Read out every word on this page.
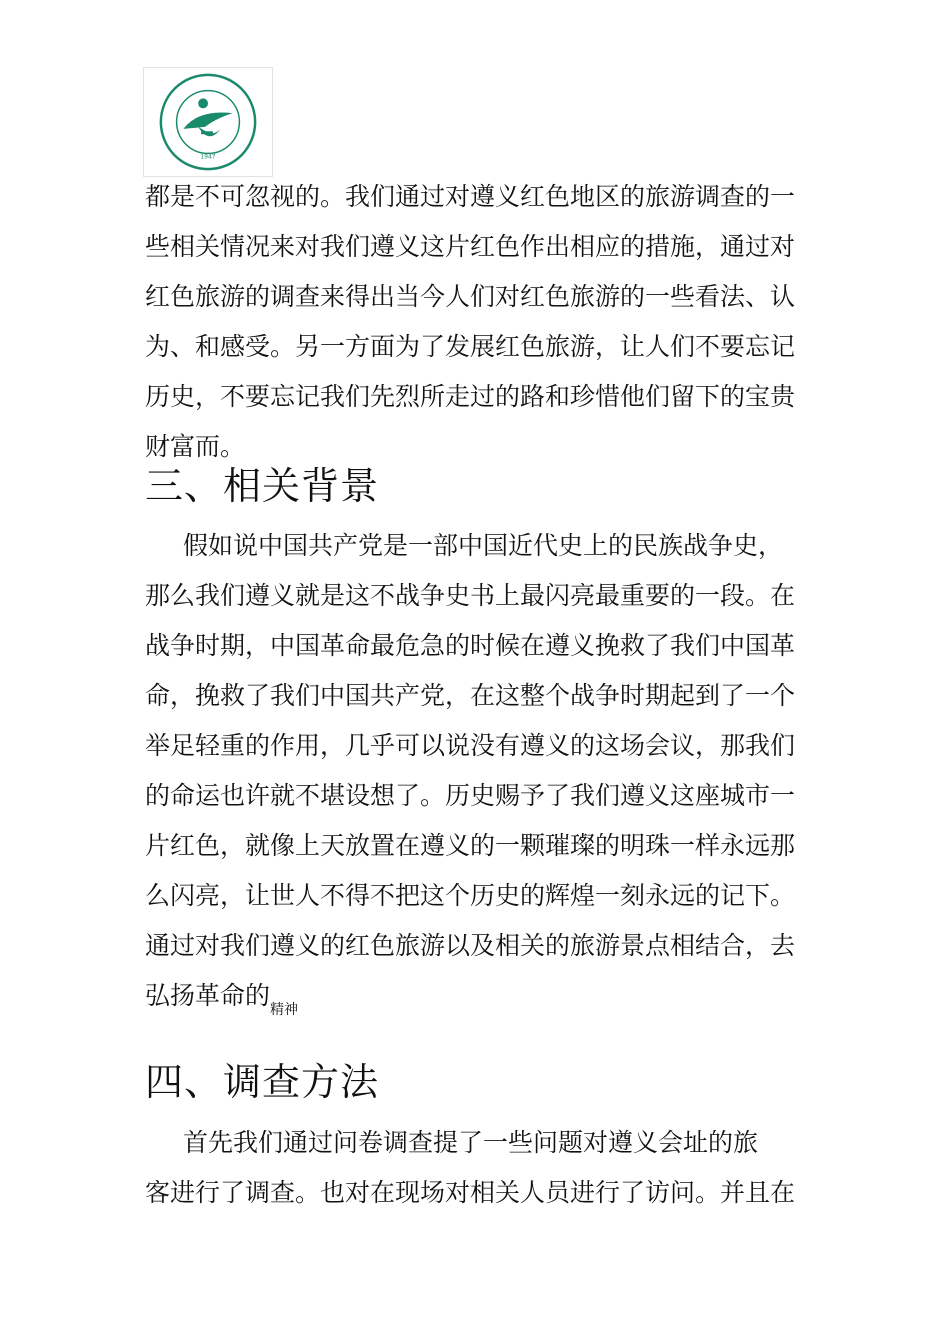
1947
都是不可忽视的。我们通过对遵义红色地区的旅游调查的一
些相关情况来对我们遵义这片红色作出相应的措施，通过对
红色旅游的调查来得出当今人们对红色旅游的一些看法、认
为、和感受。另一方面为了发展红色旅游，让人们不要忘记
历史，不要忘记我们先烈所走过的路和珍惜他们留下的宝贵
财富而。
三、相关背景
假如说中国共产党是一部中国近代史上的民族战争史，
那么我们遵义就是这不战争史书上最闪亮最重要的一段。在
战争时期，中国革命最危急的时候在遵义挽救了我们中国革
命，挽救了我们中国共产党，在这整个战争时期起到了一个
举足轻重的作用，几乎可以说没有遵义的这场会议，那我们
的命运也许就不堪设想了。历史赐予了我们遵义这座城市一
片红色，就像上天放置在遵义的一颗璀璨的明珠一样永远那
么闪亮，让世人不得不把这个历史的辉煌一刻永远的记下。
通过对我们遵义的红色旅游以及相关的旅游景点相结合，去
弘扬革命的$_{精神}$
四、调查方法
首先我们通过问卷调查提了一些问题对遵义会址的旅
客进行了调查。也对在现场对相关人员进行了访问。并且在
